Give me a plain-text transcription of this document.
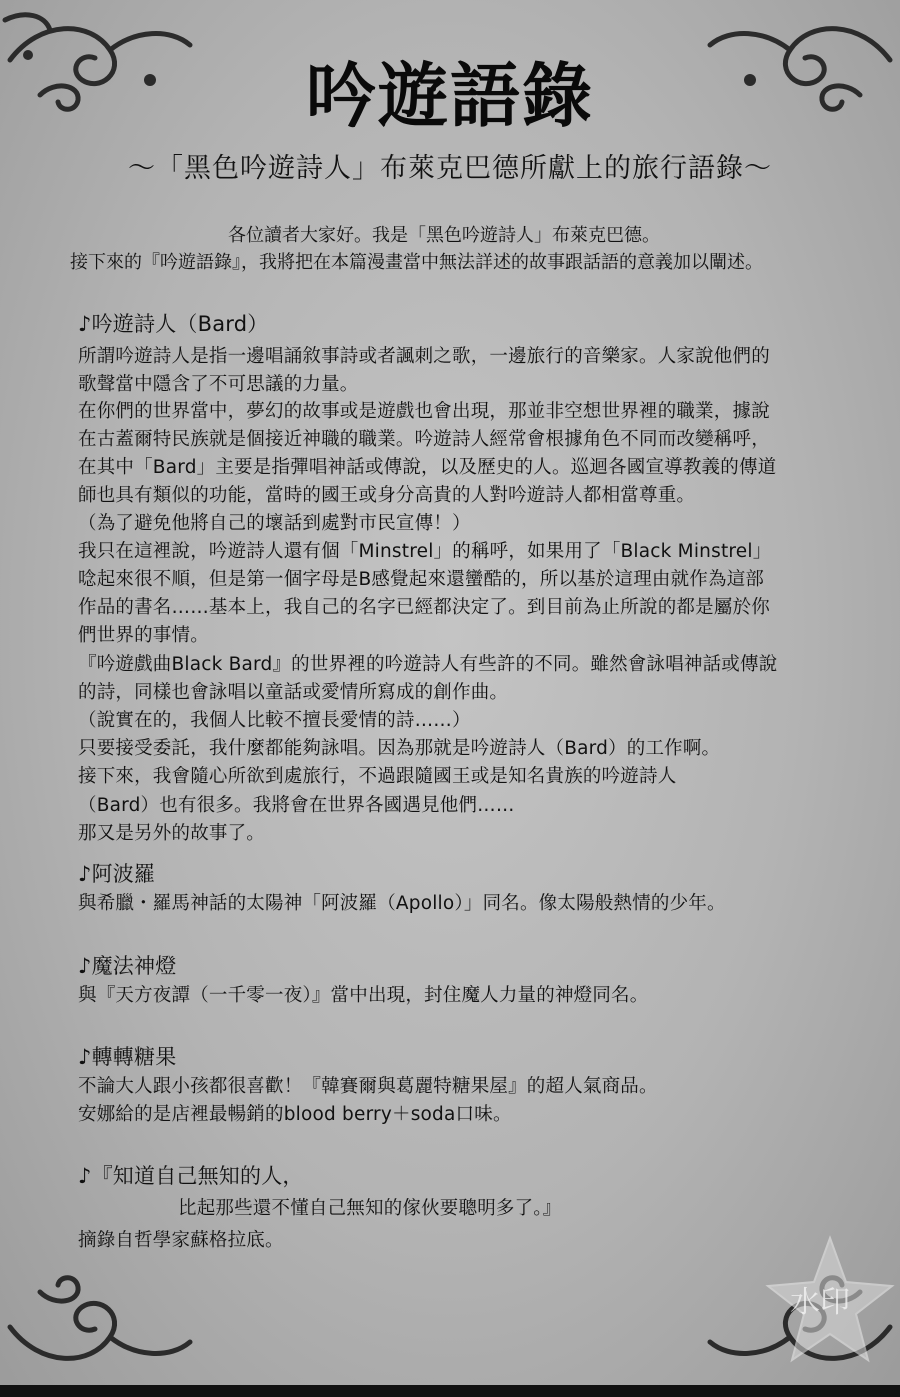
水印
吟遊語錄
～「黑色吟遊詩人」布萊克巴德所獻上的旅行語錄～
各位讀者大家好。我是「黑色吟遊詩人」布萊克巴德。
接下來的『吟遊語錄』，我將把在本篇漫畫當中無法詳述的故事跟話語的意義加以闡述。
♪吟遊詩人（Bard）
所謂吟遊詩人是指一邊唱誦敘事詩或者諷刺之歌，一邊旅行的音樂家。人家說他們的
歌聲當中隱含了不可思議的力量。
在你們的世界當中，夢幻的故事或是遊戲也會出現，那並非空想世界裡的職業，據說
在古蓋爾特民族就是個接近神職的職業。吟遊詩人經常會根據角色不同而改變稱呼，
在其中「Bard」主要是指彈唱神話或傳說，以及歷史的人。巡迴各國宣導教義的傳道
師也具有類似的功能，當時的國王或身分高貴的人對吟遊詩人都相當尊重。
（為了避免他將自己的壞話到處對市民宣傳！）
我只在這裡說，吟遊詩人還有個「Minstrel」的稱呼，如果用了「Black Minstrel」
唸起來很不順，但是第一個字母是B感覺起來還蠻酷的，所以基於這理由就作為這部
作品的書名……基本上，我自己的名字已經都決定了。到目前為止所說的都是屬於你
們世界的事情。
『吟遊戲曲Black Bard』的世界裡的吟遊詩人有些許的不同。雖然會詠唱神話或傳說
的詩，同樣也會詠唱以童話或愛情所寫成的創作曲。
（說實在的，我個人比較不擅長愛情的詩……）
只要接受委託，我什麼都能夠詠唱。因為那就是吟遊詩人（Bard）的工作啊。
接下來，我會隨心所欲到處旅行，不過跟隨國王或是知名貴族的吟遊詩人
（Bard）也有很多。我將會在世界各國遇見他們……
那又是另外的故事了。
♪阿波羅
與希臘・羅馬神話的太陽神「阿波羅（Apollo）」同名。像太陽般熱情的少年。
♪魔法神燈
與『天方夜譚（一千零一夜）』當中出現，封住魔人力量的神燈同名。
♪轉轉糖果
不論大人跟小孩都很喜歡！『韓賽爾與葛麗特糖果屋』的超人氣商品。
安娜給的是店裡最暢銷的blood berry＋soda口味。
♪『知道自己無知的人，
比起那些還不懂自己無知的傢伙要聰明多了。』
摘錄自哲學家蘇格拉底。
